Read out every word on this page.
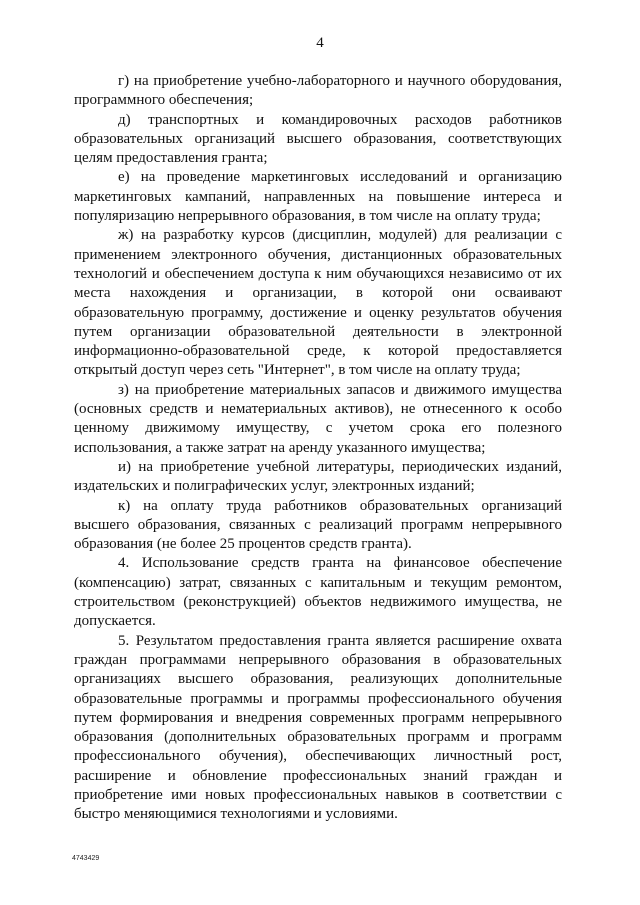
4

г) на приобретение учебно-лабораторного и научного оборудования, программного обеспечения;

д) транспортных и командировочных расходов работников образовательных организаций высшего образования, соответствующих целям предоставления гранта;

е) на проведение маркетинговых исследований и организацию маркетинговых кампаний, направленных на повышение интереса и популяризацию непрерывного образования, в том числе на оплату труда;

ж) на разработку курсов (дисциплин, модулей) для реализации с применением электронного обучения, дистанционных образовательных технологий и обеспечением доступа к ним обучающихся независимо от их места нахождения и организации, в которой они осваивают образовательную программу, достижение и оценку результатов обучения путем организации образовательной деятельности в электронной информационно-образовательной среде, к которой предоставляется открытый доступ через сеть "Интернет", в том числе на оплату труда;

з) на приобретение материальных запасов и движимого имущества (основных средств и нематериальных активов), не отнесенного к особо ценному движимому имуществу, с учетом срока его полезного использования, а также затрат на аренду указанного имущества;

и) на приобретение учебной литературы, периодических изданий, издательских и полиграфических услуг, электронных изданий;

к) на оплату труда работников образовательных организаций высшего образования, связанных с реализаций программ непрерывного образования (не более 25 процентов средств гранта).

4. Использование средств гранта на финансовое обеспечение (компенсацию) затрат, связанных с капитальным и текущим ремонтом, строительством (реконструкцией) объектов недвижимого имущества, не допускается.

5. Результатом предоставления гранта является расширение охвата граждан программами непрерывного образования в образовательных организациях высшего образования, реализующих дополнительные образовательные программы и программы профессионального обучения путем формирования и внедрения современных программ непрерывного образования (дополнительных образовательных программ и программ профессионального обучения), обеспечивающих личностный рост, расширение и обновление профессиональных знаний граждан и приобретение ими новых профессиональных навыков в соответствии с быстро меняющимися технологиями и условиями.

4743429
